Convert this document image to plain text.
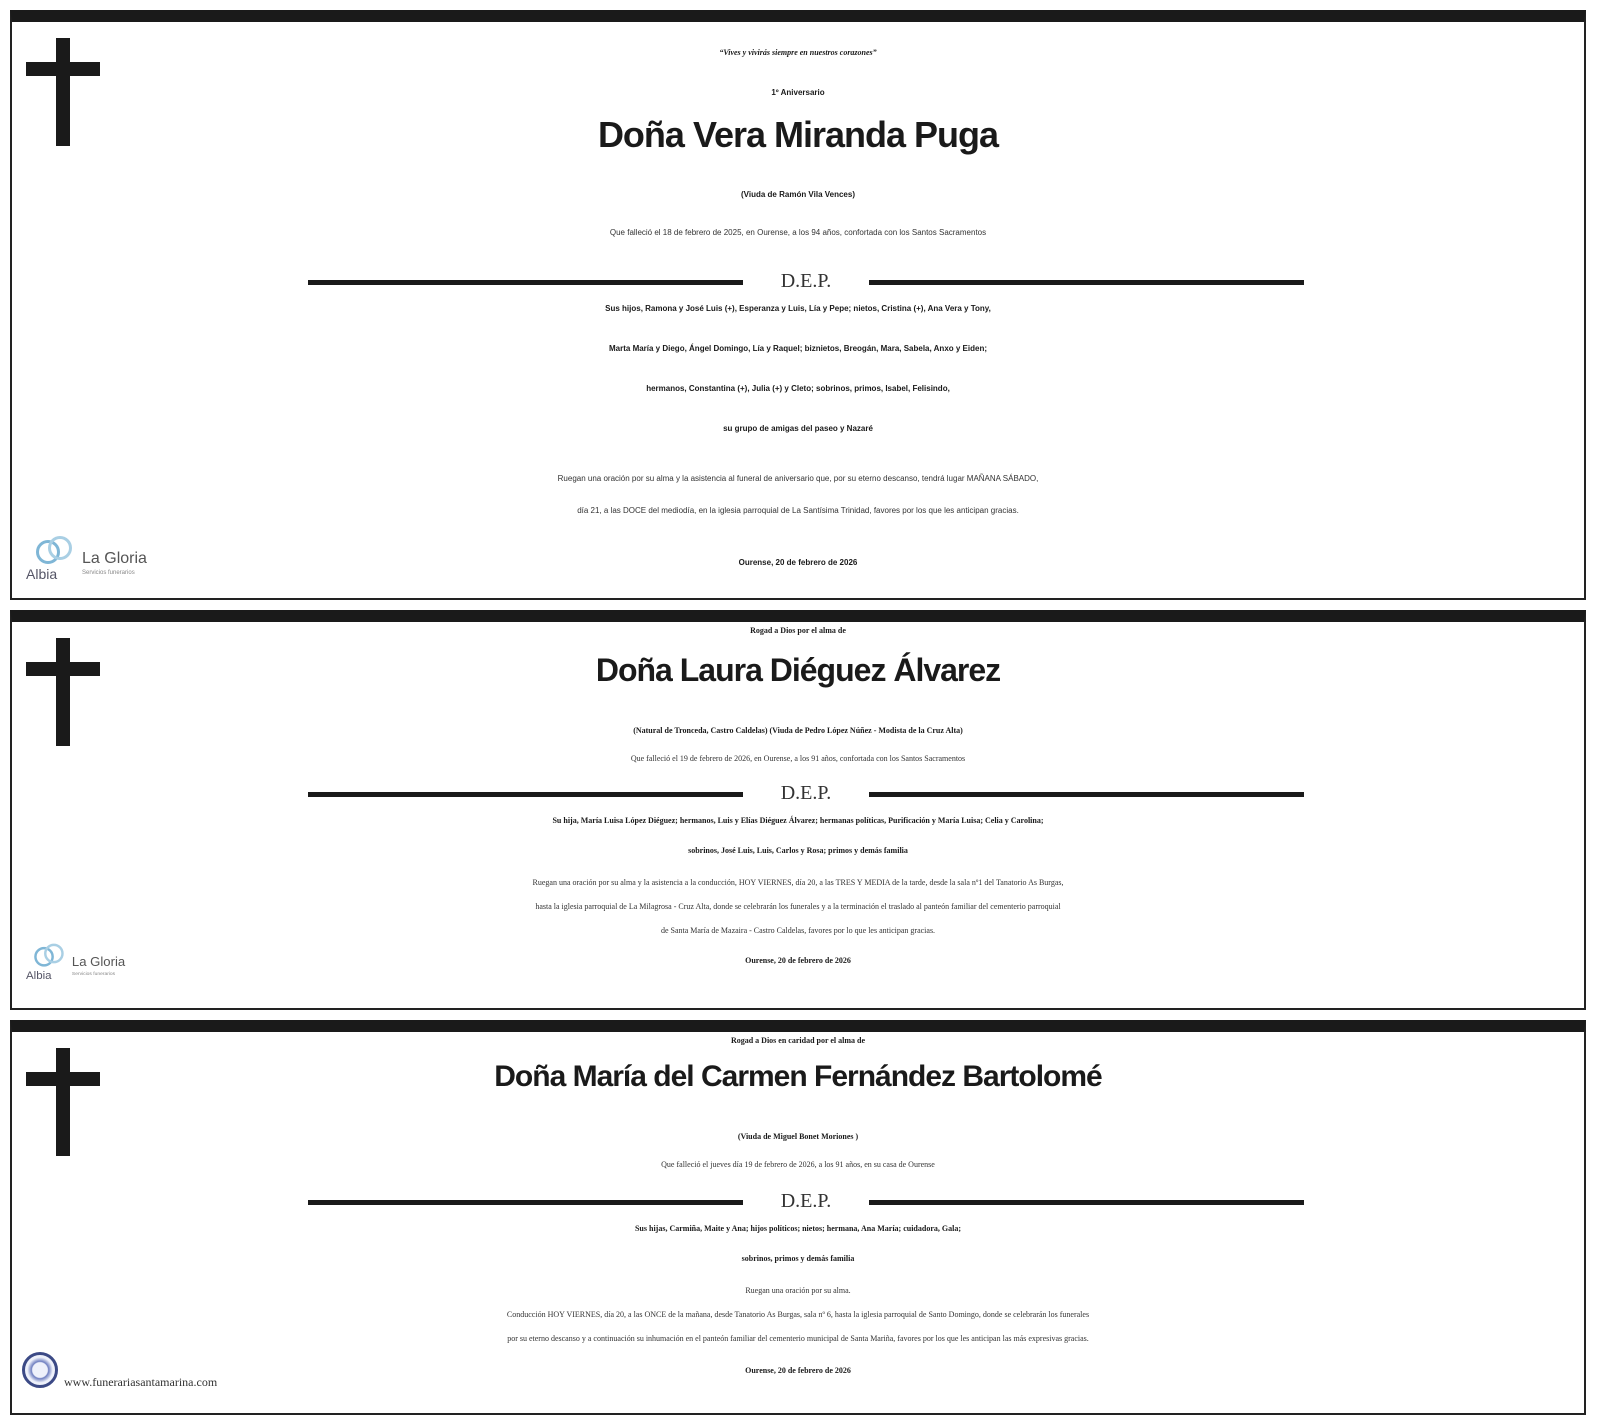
“Vives y vivirás siempre en nuestros corazones”
1º Aniversario
Doña Vera Miranda Puga
(Viuda de Ramón Vila Vences)
Que falleció el 18 de febrero de 2025, en Ourense, a los 94 años, confortada con los Santos Sacramentos
D.E.P.
Sus hijos, Ramona y José Luis (+), Esperanza y Luis, Lía y Pepe; nietos, Cristina (+), Ana Vera y Tony,
Marta María y Diego, Ángel Domingo, Lía y Raquel; biznietos, Breogán, Mara, Sabela, Anxo y Eiden;
hermanos, Constantina (+), Julia (+) y Cleto; sobrinos, primos, Isabel, Felisindo,
su grupo de amigas del paseo y Nazaré
Ruegan una oración por su alma y la asistencia al funeral de aniversario que, por su eterno descanso, tendrá lugar MAÑANA SÁBADO,
día 21, a las DOCE del mediodía, en la iglesia parroquial de La Santísima Trinidad, favores por los que les anticipan gracias.
Ourense, 20 de febrero de 2026
Albia
La Gloria
Servicios funerarios
Rogad a Dios por el alma de
Doña Laura Diéguez Álvarez
(Natural de Tronceda, Castro Caldelas) (Viuda de Pedro López Núñez - Modista de la Cruz Alta)
Que falleció el 19 de febrero de 2026, en Ourense, a los 91 años, confortada con los Santos Sacramentos
D.E.P.
Su hija, María Luisa López Diéguez; hermanos, Luis y Elías Diéguez Álvarez; hermanas políticas, Purificación y María Luisa; Celia y Carolina;
sobrinos, José Luis, Luis, Carlos y Rosa; primos y demás familia
Ruegan una oración por su alma y la asistencia a la conducción, HOY VIERNES, día 20, a las TRES Y MEDIA de la tarde, desde la sala nº1 del Tanatorio As Burgas,
hasta la iglesia parroquial de La Milagrosa - Cruz Alta, donde se celebrarán los funerales y a la terminación el traslado al panteón familiar del cementerio parroquial
de Santa María de Mazaira - Castro Caldelas, favores por lo que les anticipan gracias.
Ourense, 20 de febrero de 2026
Albia
La Gloria
Servicios funerarios
Rogad a Dios en caridad por el alma de
Doña María del Carmen Fernández Bartolomé
(Viuda de Miguel Bonet Moriones )
Que falleció el jueves día 19 de febrero de 2026, a los 91 años, en su casa de Ourense
D.E.P.
Sus hijas, Carmiña, Maite y Ana; hijos políticos; nietos; hermana, Ana María; cuidadora, Gala;
sobrinos, primos y demás familia
Ruegan una oración por su alma.
Conducción HOY VIERNES, día 20, a las ONCE de la mañana, desde Tanatorio As Burgas, sala nº 6, hasta la iglesia parroquial de Santo Domingo, donde se celebrarán los funerales
por su eterno descanso y a continuación su inhumación en el panteón familiar del cementerio municipal de Santa Mariña, favores por los que les anticipan las más expresivas gracias.
Ourense, 20 de febrero de 2026
www.funerariasantamarina.com
